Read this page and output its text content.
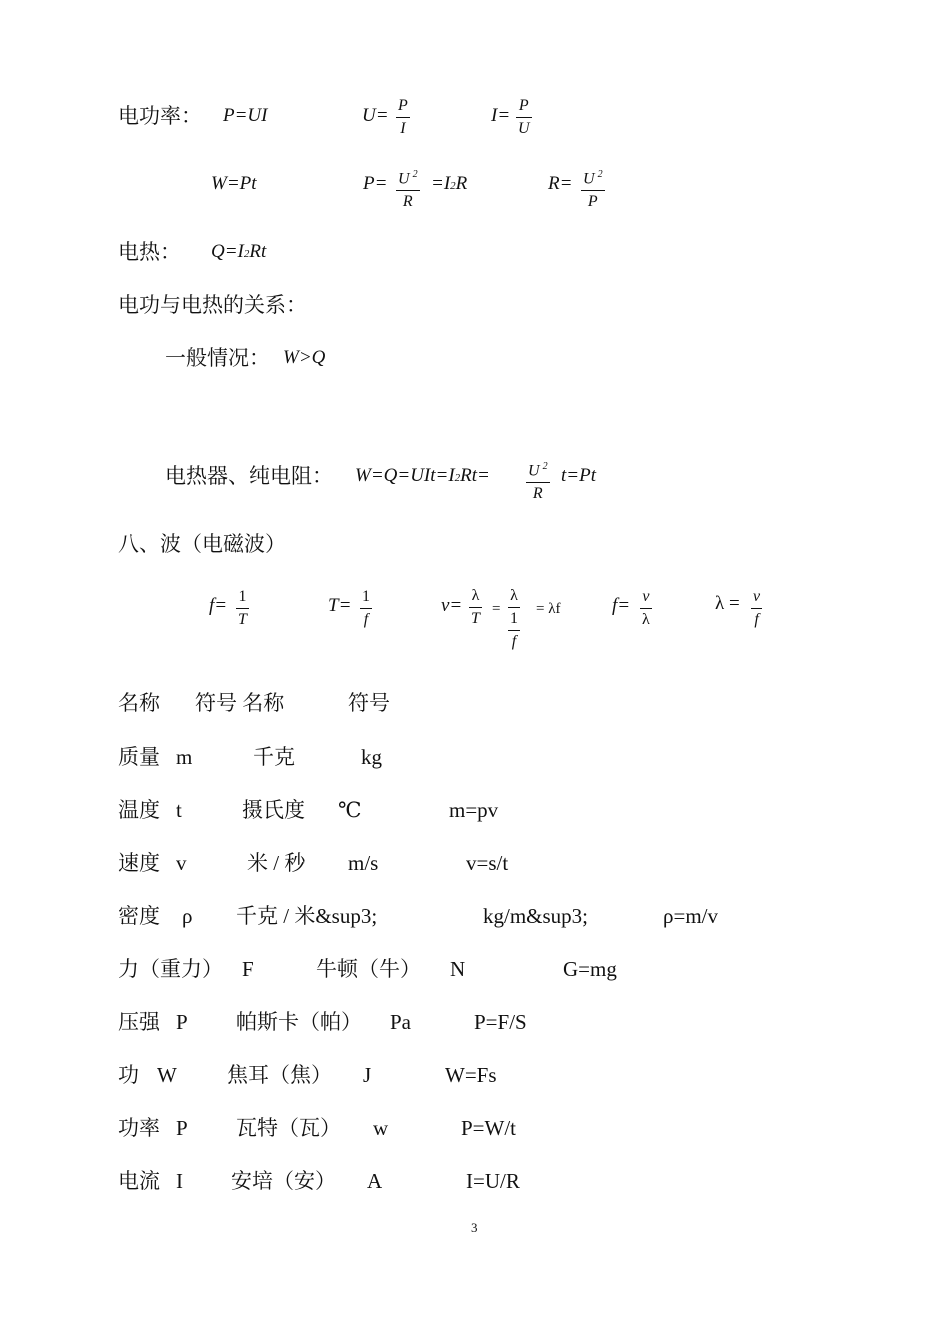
电功率： P=UI	U= P
I
I= P
U
W=Pt	P= U $^2$
R
=I2R	R= U $^2$
P
电热： Q=I2Rt
电功与电热的关系：
一般情况： W>Q
电热器、纯电阻： W=Q=UIt=I2Rt= U $^2$
R
t=Pt
八、波（电磁波）
f= 1
T
T= 1
f
v= λ
T
=
λ
$\frac{1}{f}$
= λf	f= v
λ
λ = v
f
名称 符号 名称	符号
质量 m	千克	kg
温度 t	摄氏度 ℃	m=pv
速度 v	米 / 秒 m/s	v=s/t
密度 ρ 千克 / 米&sup3;	kg/m&sup3;	ρ=m/v
力（重力） F	牛顿（牛） N	G=mg
压强 P 帕斯卡（帕） Pa	P=F/S
功 W 焦耳（焦） J	W=Fs
功率 P 瓦特（瓦） w	P=W/t
电流 I 安培（安） A	I=U/R
3
